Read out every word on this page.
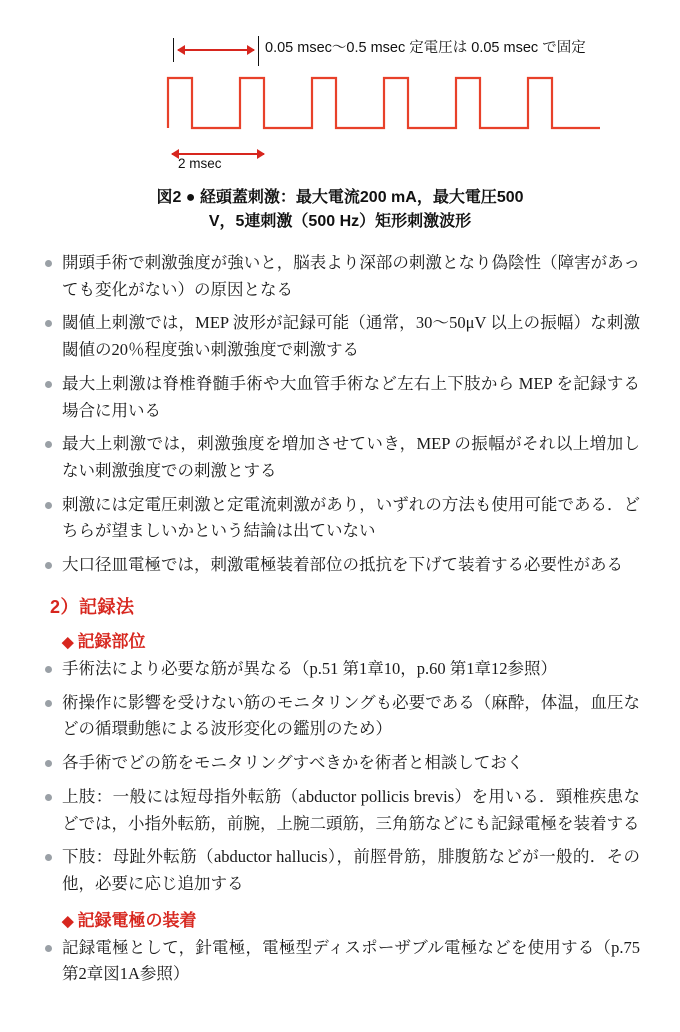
0.05 msec〜0.5 msec 定電圧は 0.05 msec で固定
2 msec
図2 ● 経頭蓋刺激：最大電流200 mA，最大電圧500
V，5連刺激（500 Hz）矩形刺激波形
開頭手術で刺激強度が強いと，脳表より深部の刺激となり偽陰性（障害があっても変化がない）の原因となる
閾値上刺激では，MEP 波形が記録可能（通常，30〜50μV 以上の振幅）な刺激閾値の20％程度強い刺激強度で刺激する
最大上刺激は脊椎脊髄手術や大血管手術など左右上下肢から MEP を記録する場合に用いる
最大上刺激では，刺激強度を増加させていき，MEP の振幅がそれ以上増加しない刺激強度での刺激とする
刺激には定電圧刺激と定電流刺激があり，いずれの方法も使用可能である．どちらが望ましいかという結論は出ていない
大口径皿電極では，刺激電極装着部位の抵抗を下げて装着する必要性がある
2）記録法
◆ 記録部位
手術法により必要な筋が異なる（p.51 第1章10，p.60 第1章12参照）
術操作に影響を受けない筋のモニタリングも必要である（麻酔，体温，血圧などの循環動態による波形変化の鑑別のため）
各手術でどの筋をモニタリングすべきかを術者と相談しておく
上肢：一般には短母指外転筋（abductor pollicis brevis）を用いる．頸椎疾患などでは，小指外転筋，前腕，上腕二頭筋，三角筋などにも記録電極を装着する
下肢：母趾外転筋（abductor hallucis），前脛骨筋，腓腹筋などが一般的．その他，必要に応じ追加する
◆ 記録電極の装着
記録電極として，針電極，電極型ディスポーザブル電極などを使用する（p.75 第2章図1A参照）
